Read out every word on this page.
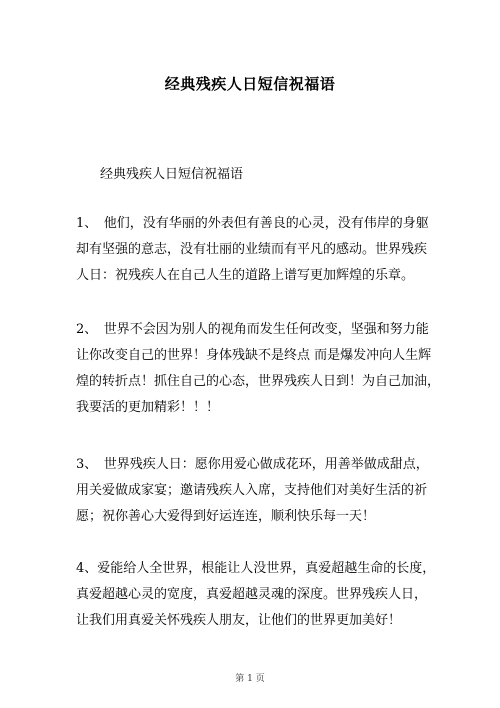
经典残疾人日短信祝福语
经典残疾人日短信祝福语
1、　他们，没有华丽的外表但有善良的心灵，没有伟岸的身躯
却有坚强的意志，没有壮丽的业绩而有平凡的感动。世界残疾
人日：祝残疾人在自己人生的道路上谱写更加辉煌的乐章。
2、　世界不会因为别人的视角而发生任何改变，坚强和努力能
让你改变自己的世界！身体残缺不是终点 而是爆发冲向人生辉
煌的转折点！抓住自己的心态，世界残疾人日到！为自己加油，
我要活的更加精彩！！！
3、　世界残疾人日：愿你用爱心做成花环，用善举做成甜点，
用关爱做成家宴；邀请残疾人入席，支持他们对美好生活的祈
愿；祝你善心大爱得到好运连连，顺利快乐每一天！
4、爱能给人全世界，根能让人没世界，真爱超越生命的长度，
真爱超越心灵的宽度，真爱超越灵魂的深度。世界残疾人日，
让我们用真爱关怀残疾人朋友，让他们的世界更加美好！
第 1 页
